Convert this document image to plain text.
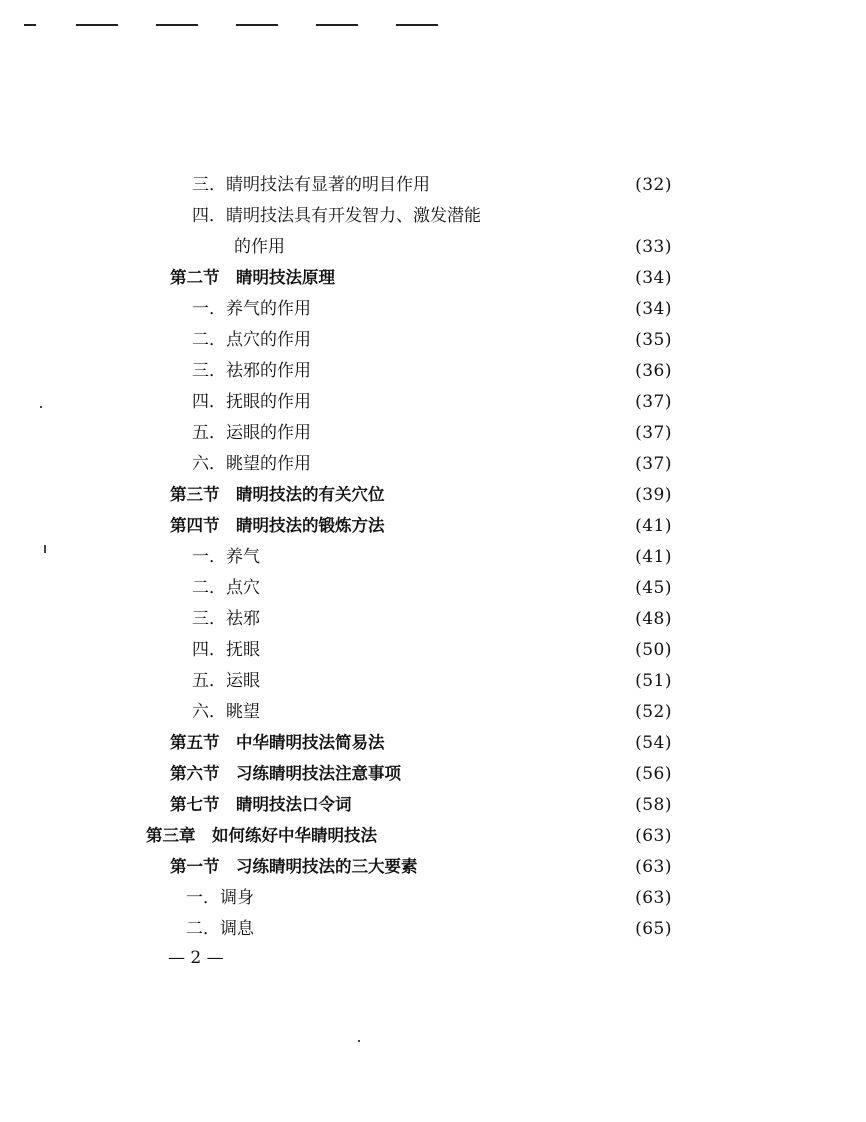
三．睛明技法有显著的明目作用	(32)
四．睛明技法具有开发智力、激发潜能
的作用	(33)
第二节　睛明技法原理	(34)
一．养气的作用	(34)
二．点穴的作用	(35)
三．祛邪的作用	(36)
四．抚眼的作用	(37)
五．运眼的作用	(37)
六．眺望的作用	(37)
第三节　睛明技法的有关穴位	(39)
第四节　睛明技法的锻炼方法	(41)
一．养气	(41)
二．点穴	(45)
三．祛邪	(48)
四．抚眼	(50)
五．运眼	(51)
六．眺望	(52)
第五节　中华睛明技法简易法	(54)
第六节　习练睛明技法注意事项	(56)
第七节　睛明技法口令词	(58)
第三章　如何练好中华睛明技法	(63)
第一节　习练睛明技法的三大要素	(63)
一．调身	(63)
二．调息	(65)
— 2 —
